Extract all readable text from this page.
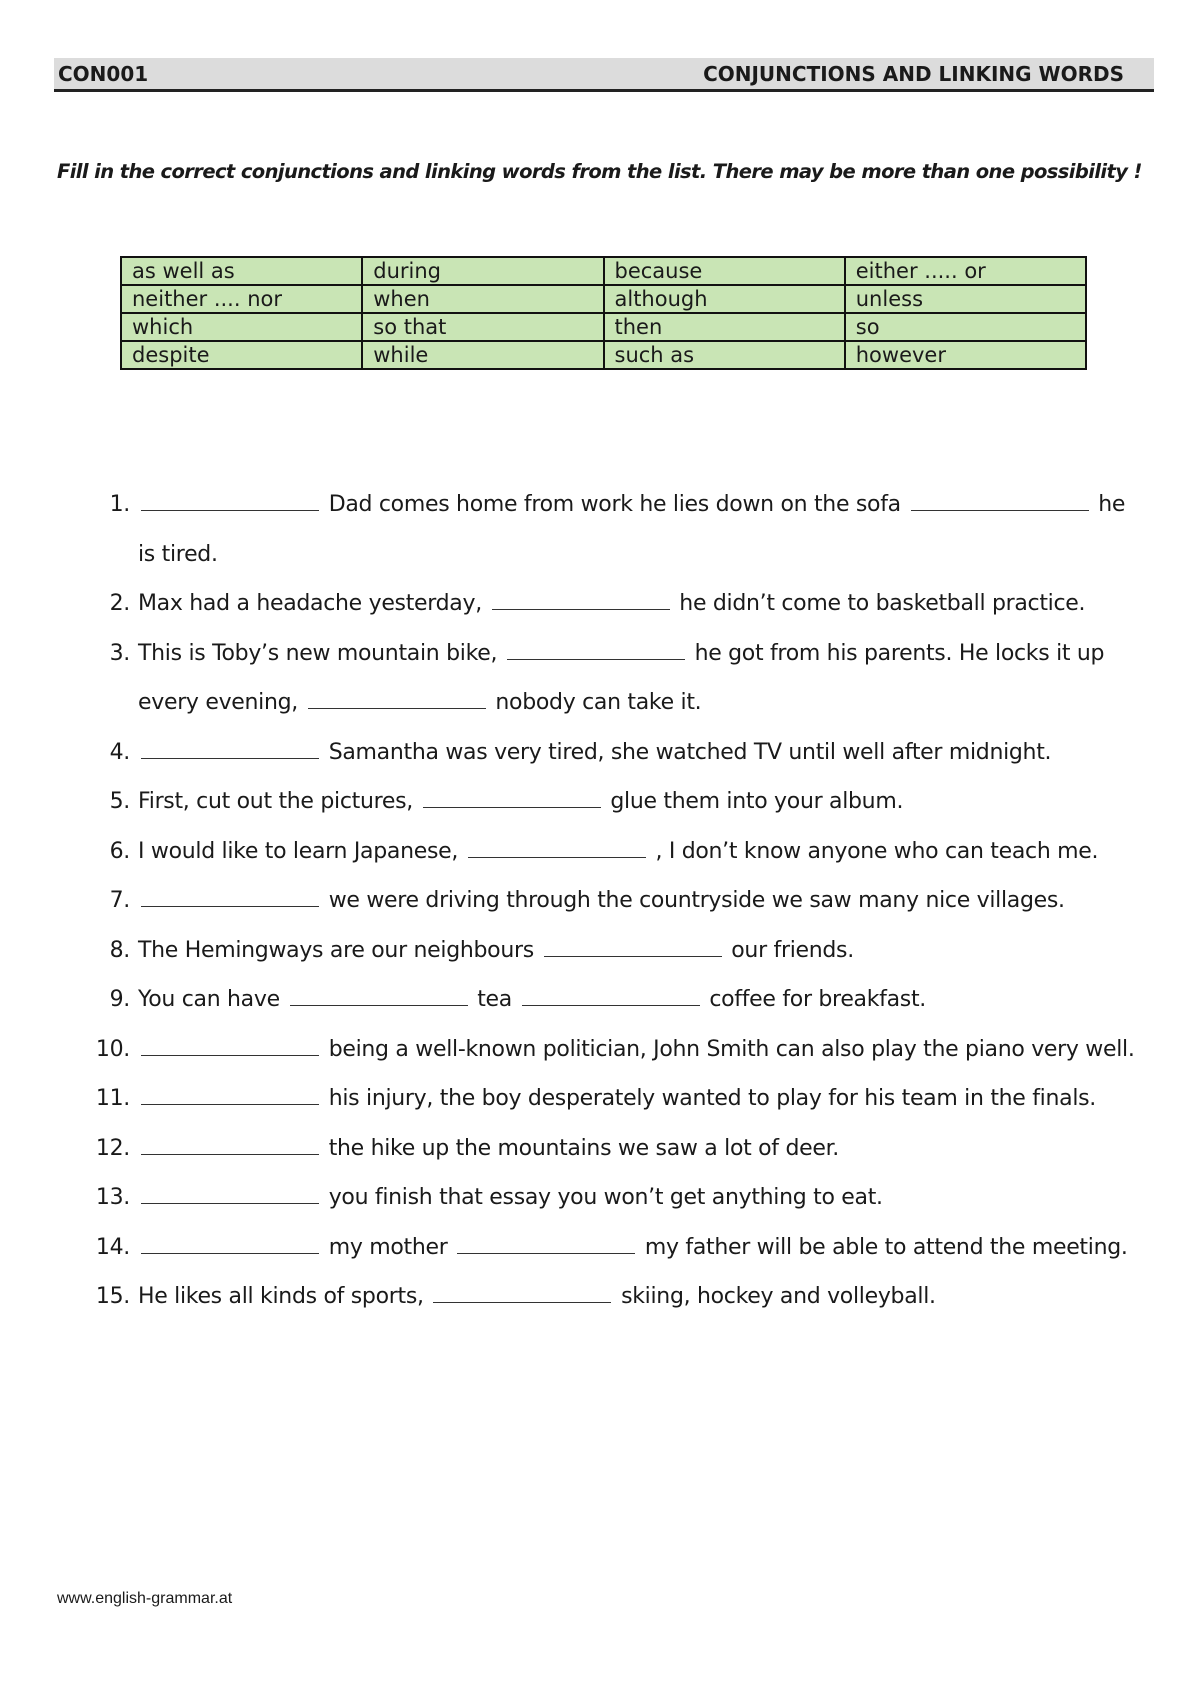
CON001	CONJUNCTIONS AND LINKING WORDS
Fill in the correct conjunctions and linking words from the list. There may be more than one possibility !
as well as	during	because	either ..... or
neither .... nor	when	although	unless
which	so that	then	so
despite	while	such as	however
1.	Dad comes home from work he lies down on the sofa	he is tired.
2. Max had a headache yesterday,	he didn’t come to basketball practice.
3. This is Toby’s new mountain bike,	he got from his parents. He locks it up every evening,	nobody can take it.
4.	Samantha was very tired, she watched TV until well after midnight.
5. First, cut out the pictures,	glue them into your album.
6. I would like to learn Japanese,	, I don’t know anyone who can teach me.
7.	we were driving through the countryside we saw many nice villages.
8. The Hemingways are our neighbours	our friends.
9. You can have	tea	coffee for breakfast.
10.	being a well-known politician, John Smith can also play the piano very well.
11.	his injury, the boy desperately wanted to play for his team in the finals.
12.	the hike up the mountains we saw a lot of deer.
13.	you finish that essay you won’t get anything to eat.
14.	my mother	my father will be able to attend the meeting.
15. He likes all kinds of sports,	skiing, hockey and volleyball.
www.english-grammar.at
